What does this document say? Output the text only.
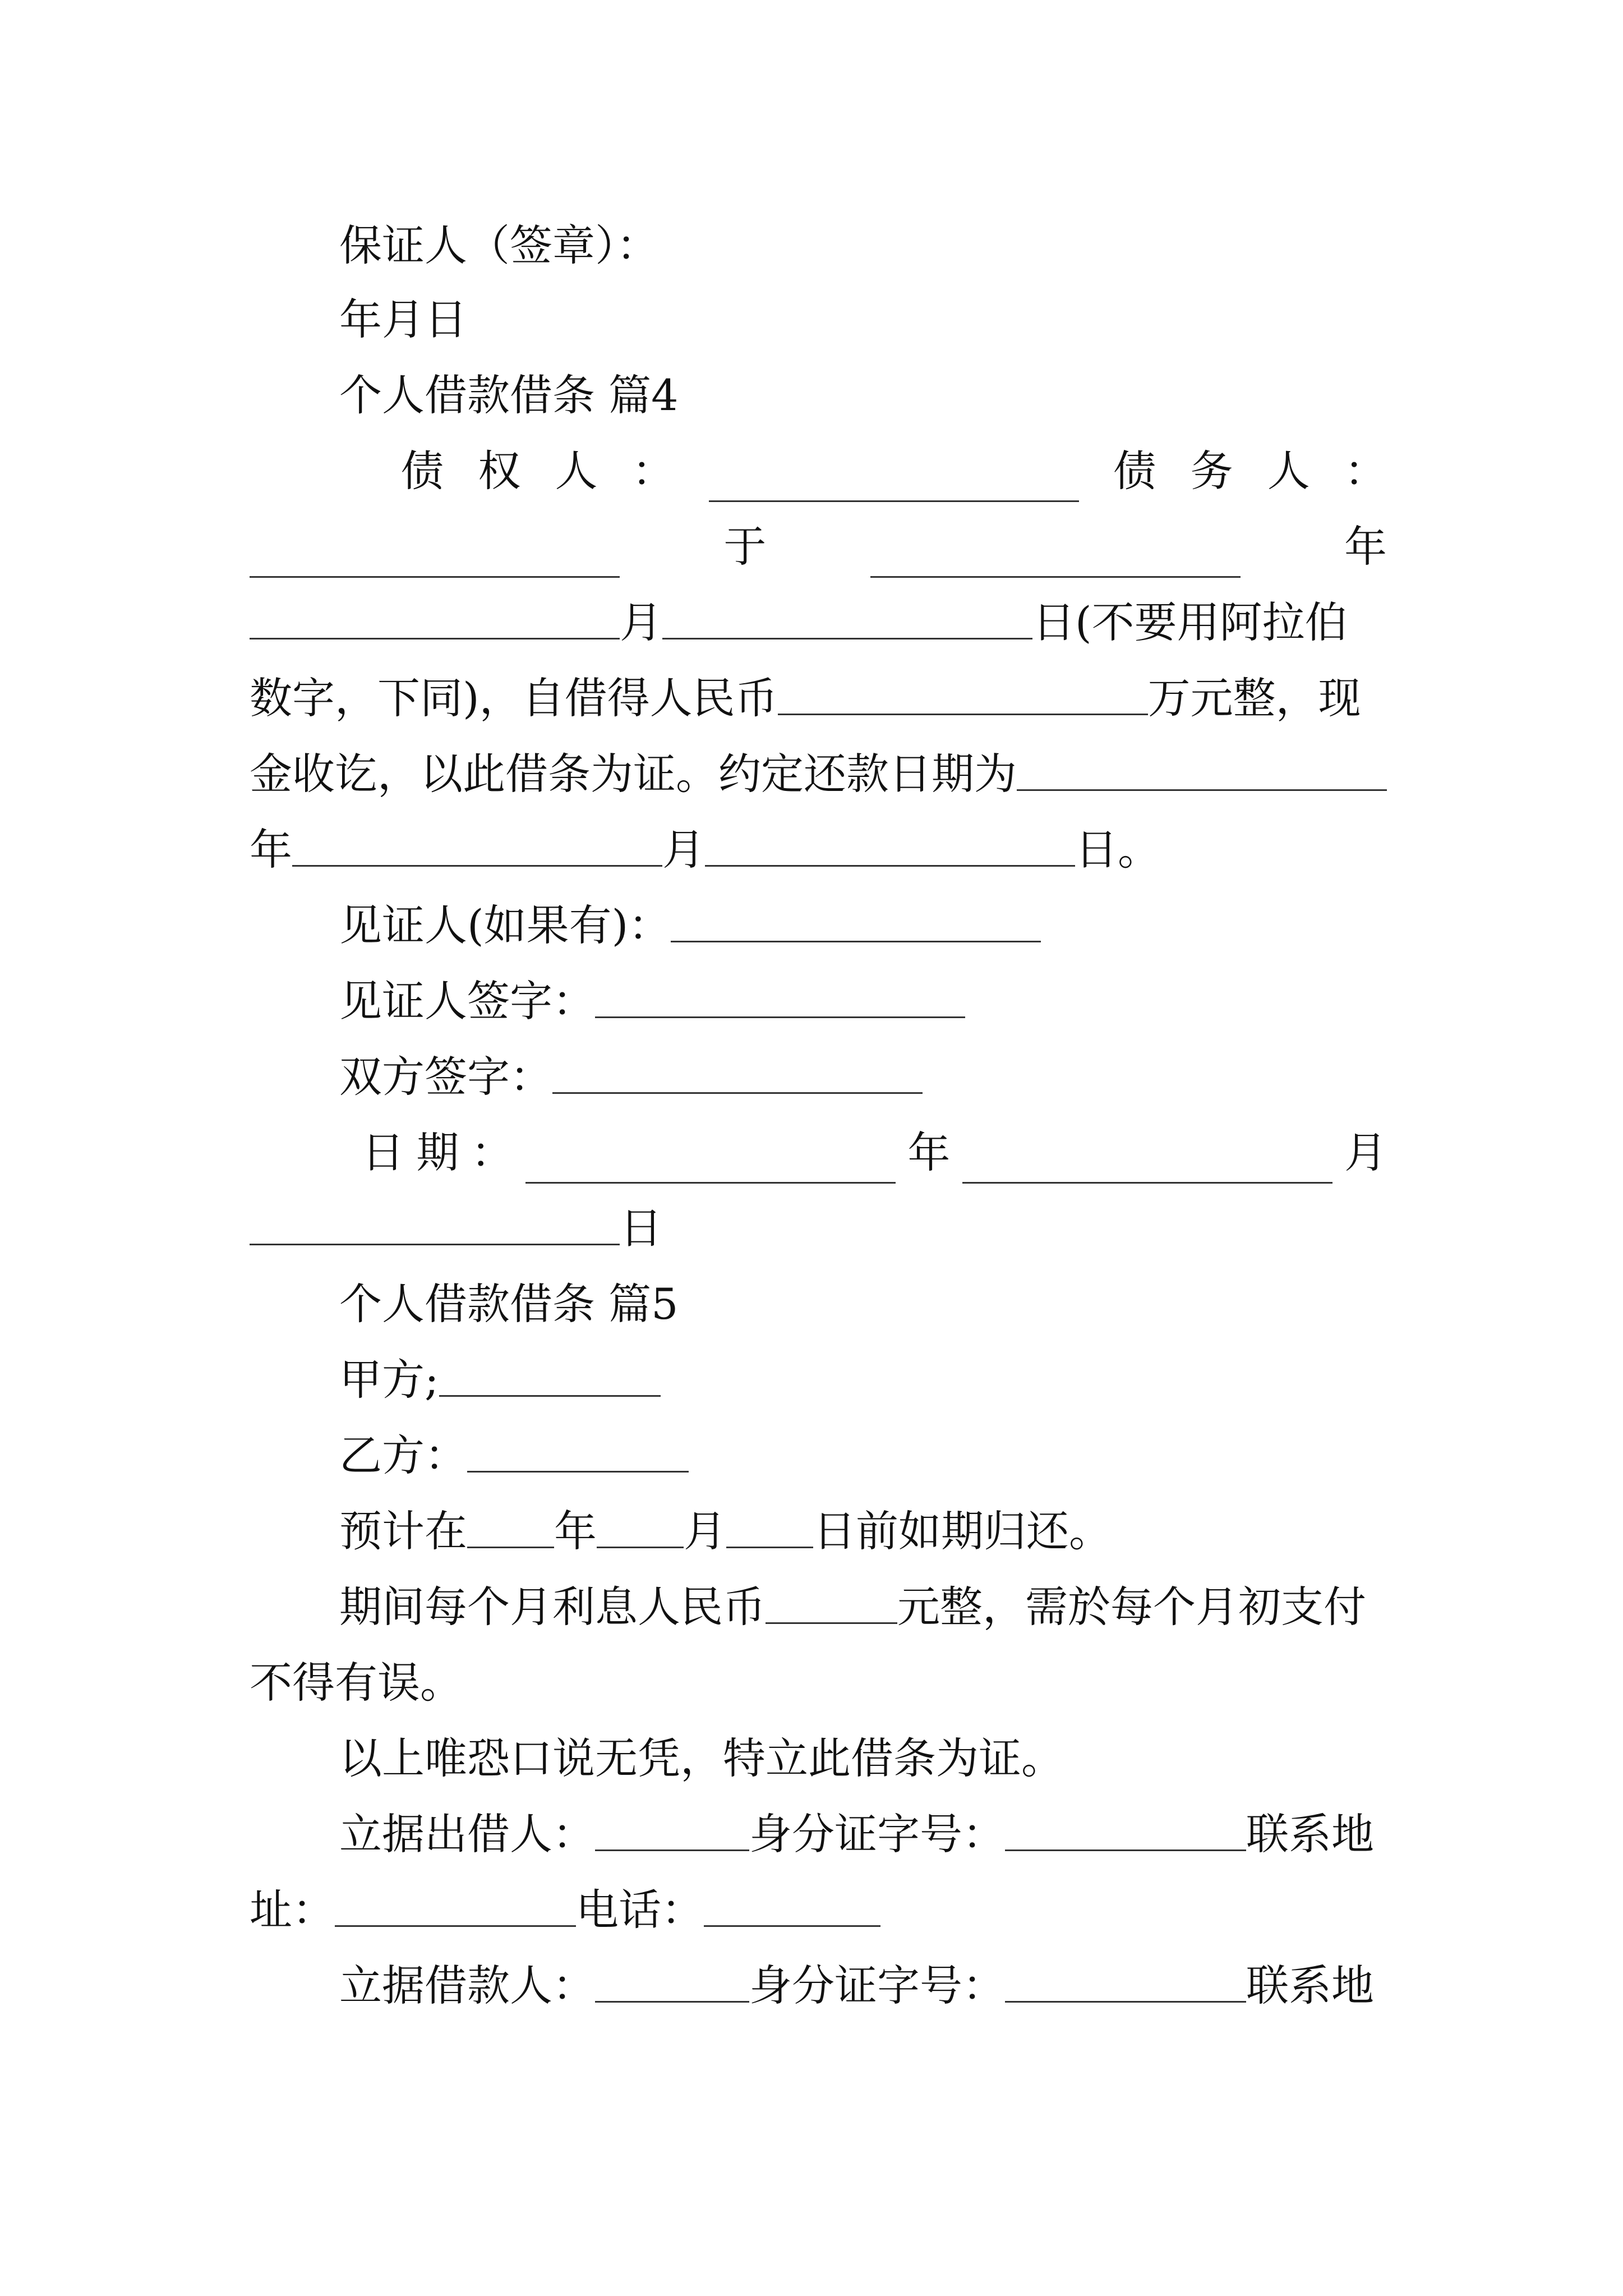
保证人（签章）：
年月日
个人借款借条 篇4
债 权 人 ：	债 务 人 ：
于	年
月	日(不要用阿拉伯
数字，下同)，自借得人民币	万元整，现
金收讫，以此借条为证。约定还款日期为
年	月	日。
见证人(如果有)：
见证人签字：
双方签字：
日 期 ：	年	月
日
个人借款借条 篇5
甲方;
乙方：
预计在 年 月 日前如期归还。
期间每个月利息人民币	元整，需於每个月初支付
不得有误。
以上唯恐口说无凭，特立此借条为证。
立据出借人：	身分证字号：	联系地
址：	电话：
立据借款人：	身分证字号：	联系地
